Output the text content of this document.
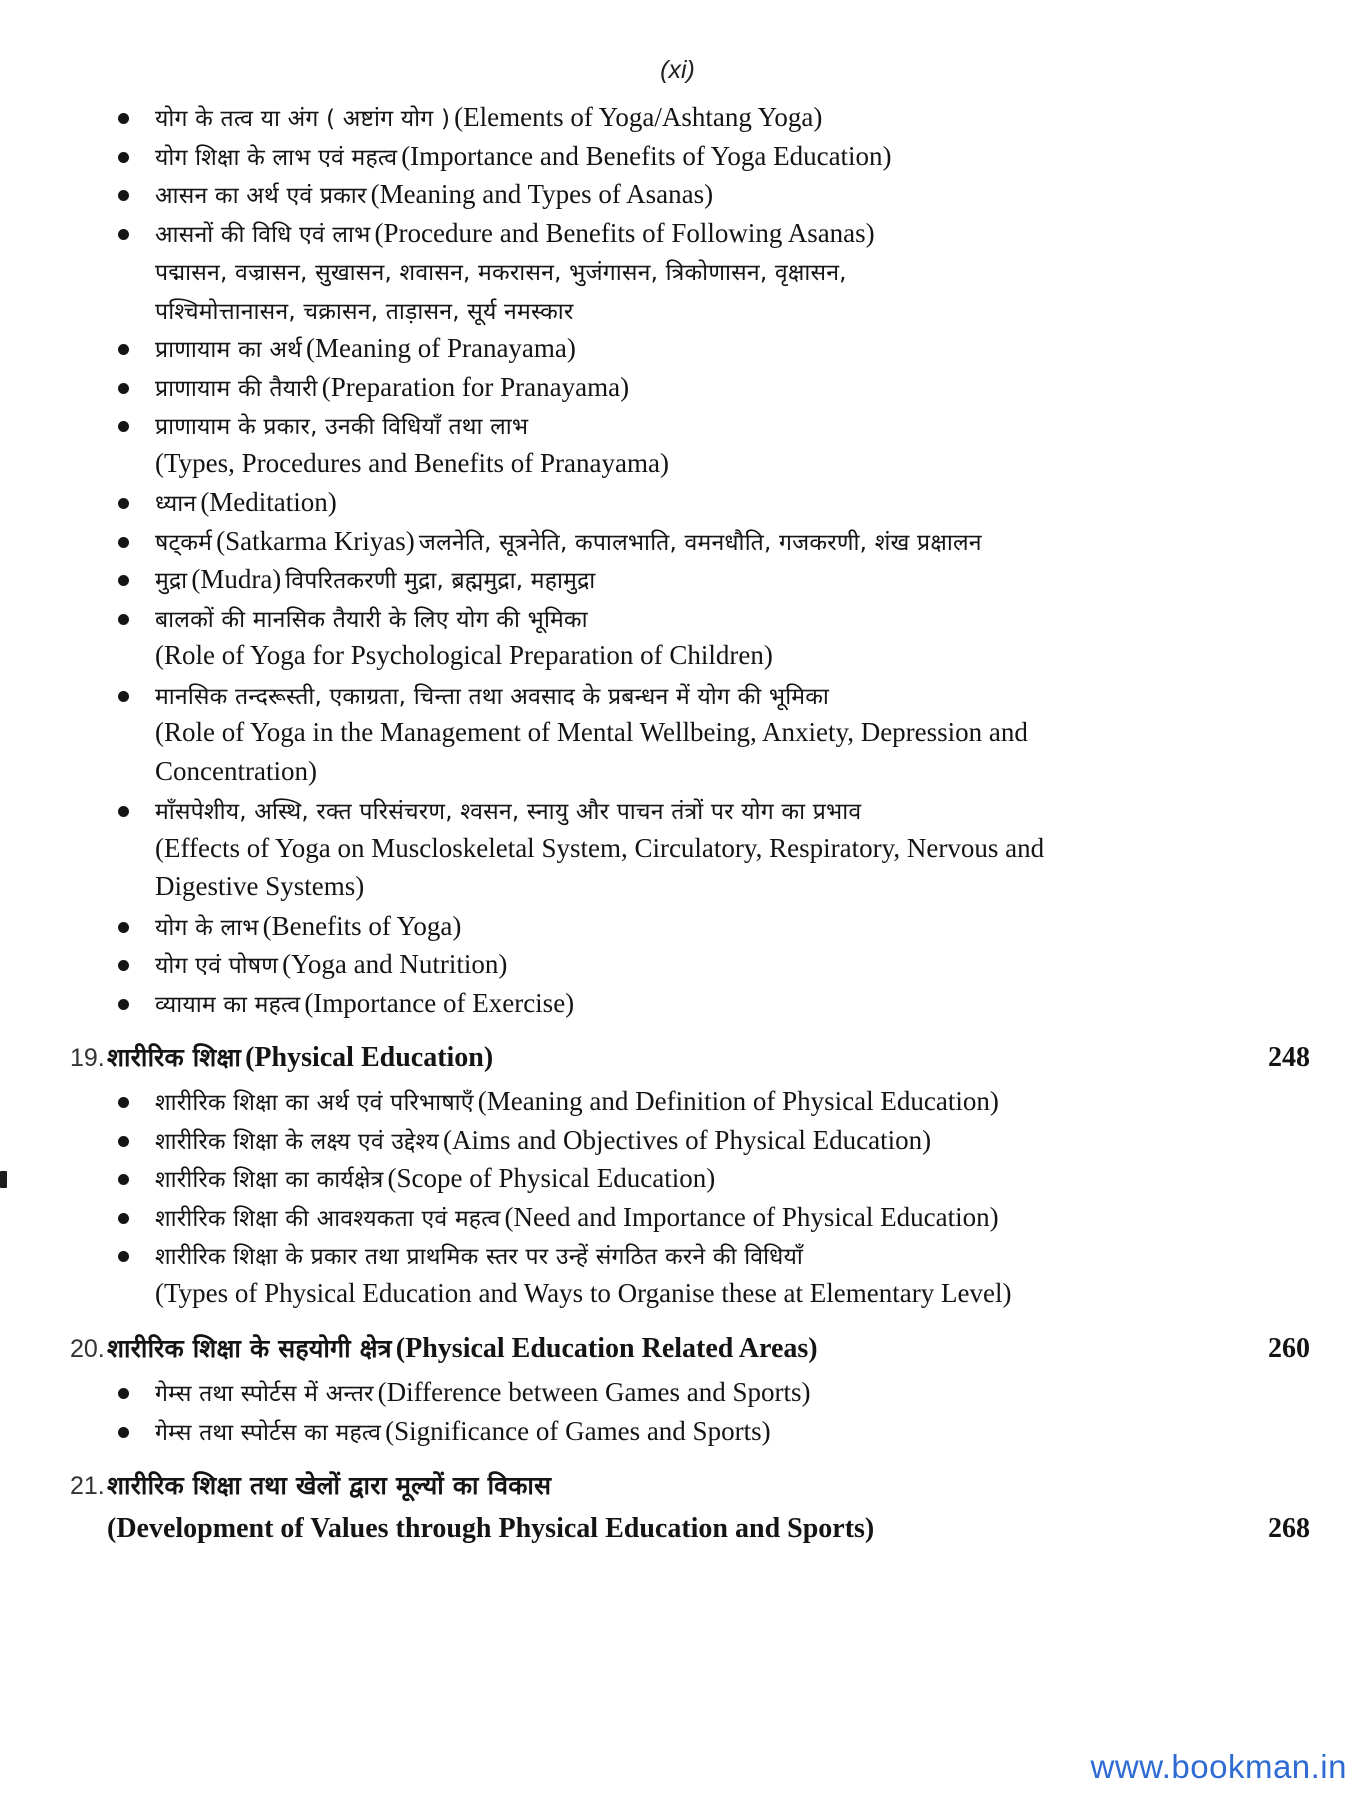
(xi)
योग के तत्व या अंग ( अष्टांग योग ) (Elements of Yoga/Ashtang Yoga)
योग शिक्षा के लाभ एवं महत्व (Importance and Benefits of Yoga Education)
आसन का अर्थ एवं प्रकार (Meaning and Types of Asanas)
आसनों की विधि एवं लाभ (Procedure and Benefits of Following Asanas)
पद्मासन, वज्रासन, सुखासन, शवासन, मकरासन, भुजंगासन, त्रिकोणासन, वृक्षासन,
पश्चिमोत्तानासन, चक्रासन, ताड़ासन, सूर्य नमस्कार
प्राणायाम का अर्थ (Meaning of Pranayama)
प्राणायाम की तैयारी (Preparation for Pranayama)
प्राणायाम के प्रकार, उनकी विधियाँ तथा लाभ
(Types, Procedures and Benefits of Pranayama)
ध्यान (Meditation)
षट्कर्म (Satkarma Kriyas) जलनेति, सूत्रनेति, कपालभाति, वमनधौति, गजकरणी, शंख प्रक्षालन
मुद्रा (Mudra) विपरितकरणी मुद्रा, ब्रह्ममुद्रा, महामुद्रा
बालकों की मानसिक तैयारी के लिए योग की भूमिका
(Role of Yoga for Psychological Preparation of Children)
मानसिक तन्दरूस्ती, एकाग्रता, चिन्ता तथा अवसाद के प्रबन्धन में योग की भूमिका
(Role of Yoga in the Management of Mental Wellbeing, Anxiety, Depression and
Concentration)
माँसपेशीय, अस्थि, रक्त परिसंचरण, श्वसन, स्नायु और पाचन तंत्रों पर योग का प्रभाव
(Effects of Yoga on Muscloskeletal System, Circulatory, Respiratory, Nervous and
Digestive Systems)
योग के लाभ (Benefits of Yoga)
योग एवं पोषण (Yoga and Nutrition)
व्यायाम का महत्व (Importance of Exercise)
19. शारीरिक शिक्षा (Physical Education)	248
शारीरिक शिक्षा का अर्थ एवं परिभाषाएँ (Meaning and Definition of Physical Education)
शारीरिक शिक्षा के लक्ष्य एवं उद्देश्य (Aims and Objectives of Physical Education)
शारीरिक शिक्षा का कार्यक्षेत्र (Scope of Physical Education)
शारीरिक शिक्षा की आवश्यकता एवं महत्व (Need and Importance of Physical Education)
शारीरिक शिक्षा के प्रकार तथा प्राथमिक स्तर पर उन्हें संगठित करने की विधियाँ
(Types of Physical Education and Ways to Organise these at Elementary Level)
20. शारीरिक शिक्षा के सहयोगी क्षेत्र (Physical Education Related Areas)	260
गेम्स तथा स्पोर्टस में अन्तर (Difference between Games and Sports)
गेम्स तथा स्पोर्टस का महत्व (Significance of Games and Sports)
21. शारीरिक शिक्षा तथा खेलों द्वारा मूल्यों का विकास
(Development of Values through Physical Education and Sports)	268
www.bookman.in
